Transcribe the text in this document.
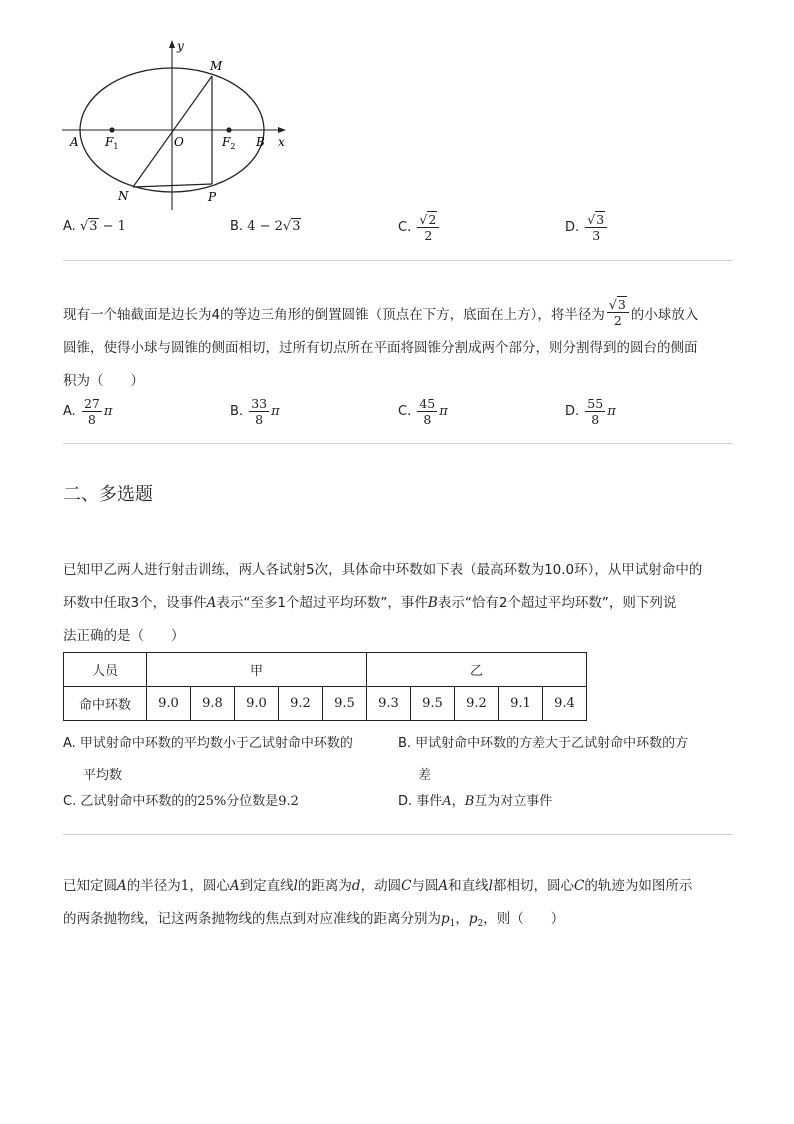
y
M
A $F_1$	O	$F_2$ B x
N	P
A. √3 − 1	B. 4 − 2√3	C. $\frac{√2}{2}$	D. $\frac{√3}{3}$
现有一个轴截面是边长为4的等边三角形的倒置圆锥（顶点在下方，底面在上方），将半径为 $\frac{√3}{2}$ 的小球放入
圆锥，使得小球与圆锥的侧面相切，过所有切点所在平面将圆锥分割成两个部分，则分割得到的圆台的侧面
积为（　　）
A. $\frac{27}{8}$ π	B. $\frac{33}{8}$ π	C. $\frac{45}{8}$ π	D. $\frac{55}{8}$ π
二、多选题
已知甲乙两人进行射击训练，两人各试射5次，具体命中环数如下表（最高环数为10.0环），从甲试射命中的
环数中任取3个，设事件A表示“至多1个超过平均环数”，事件B表示“恰有2个超过平均环数”，则下列说
法正确的是（　　）
人员	甲					乙				
命中环数	9.0	9.8	9.0	9.2	9.5	9.3	9.5	9.2	9.1	9.4
A. 甲试射命中环数的平均数小于乙试射命中环数的
平均数
B. 甲试射命中环数的方差大于乙试射命中环数的方
差
C. 乙试射命中环数的的25%分位数是9.2	D. 事件A，B互为对立事件
已知定圆A的半径为1，圆心A到定直线l的距离为d，动圆C与圆A和直线l都相切，圆心C的轨迹为如图所示
的两条抛物线，记这两条抛物线的焦点到对应准线的距离分别为$p_1$，$p_2$，则（　　）
